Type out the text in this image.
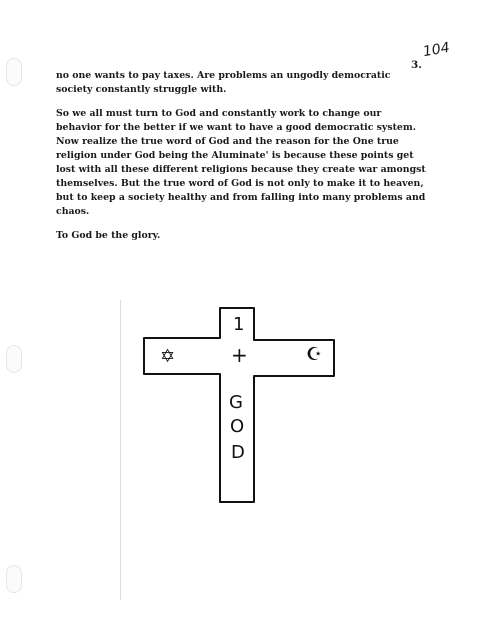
104
3.

no one wants to pay taxes. Are problems an ungodly democratic
society constantly struggle with.

So we all must turn to God and constantly work to change our
behavior for the better if we want to have a good democratic system.
Now realize the true word of God and the reason for the One true
religion under God being the Aluminate' is because these points get
lost with all these different religions because they create war amongst
themselves. But the true word of God is not only to make it to heaven,
but to keep a society healthy and from falling into many problems and
chaos.

To God be the glory.

1
+
✡	☪
G
O
D
